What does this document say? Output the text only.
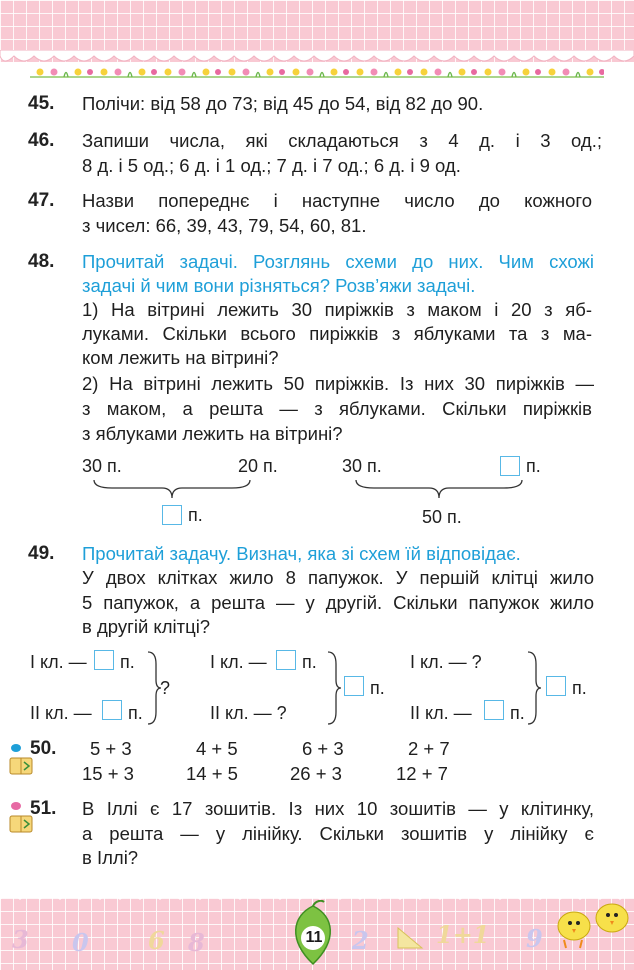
45. Полічи: від 58 до 73; від 45 до 54, від 82 до 90.
46. Запиши числа, які складаються з 4 д. і 3 од.;
8 д. і 5 од.; 6 д. і 1 од.; 7 д. і 7 од.; 6 д. і 9 од.
47. Назви попереднє і наступне число до кожного
з чисел: 66, 39, 43, 79, 54, 60, 81.
48. Прочитай задачі. Розглянь схеми до них. Чим схожі
задачі й чим вони різняться? Розв’яжи задачі.
1) На вітрині лежить 30 пиріжків з маком і 20 з яб-
луками. Скільки всього пиріжків з яблуками та з ма-
ком лежить на вітрині?
2) На вітрині лежить 50 пиріжків. Із них 30 пиріжків —
з маком, а решта — з яблуками. Скільки пиріжків
з яблуками лежить на вітрині?
30 п.	20 п.
п.
30 п.	п.
50 п.
49. Прочитай задачу. Визнач, яка зі схем їй відповідає.
У двох клітках жило 8 папужок. У першій клітці жило
5 папужок, а решта — у другій. Скільки папужок жило
в другій клітці?
І кл. — п.
ІІ кл. — п.
?
І кл. — п.
ІІ кл. — ?
п.
І кл. — ?
ІІ кл. — п.
п.
50. 5 + 3	4 + 5	6 + 3	2 + 7
15 + 3	14 + 5	26 + 3	12 + 7
51. В Іллі є 17 зошитів. Із них 10 зошитів — у клітинку,
а решта — у лінійку. Скільки зошитів у лінійку є
в Іллі?
3 0 6 8	2	1+1 9
11
